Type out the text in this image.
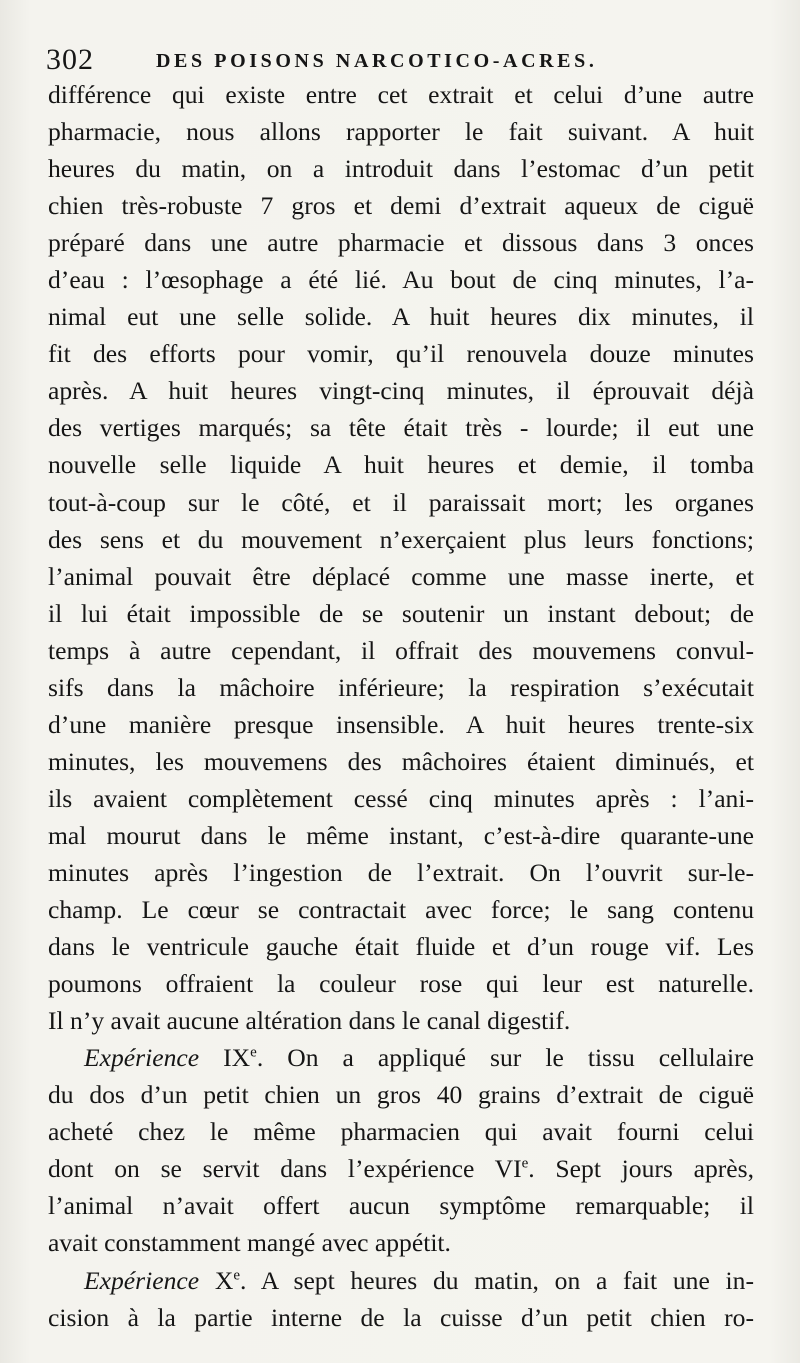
302	DES POISONS NARCOTICO-ACRES.
différence qui existe entre cet extrait et celui d’une autre
pharmacie, nous allons rapporter le fait suivant. A huit
heures du matin, on a introduit dans l’estomac d’un petit
chien très-robuste 7 gros et demi d’extrait aqueux de ciguë
préparé dans une autre pharmacie et dissous dans 3 onces
d’eau : l’œsophage a été lié. Au bout de cinq minutes, l’a-
nimal eut une selle solide. A huit heures dix minutes, il
fit des efforts pour vomir, qu’il renouvela douze minutes
après. A huit heures vingt-cinq minutes, il éprouvait déjà
des vertiges marqués; sa tête était très - lourde; il eut une
nouvelle selle liquide A huit heures et demie, il tomba
tout-à-coup sur le côté, et il paraissait mort; les organes
des sens et du mouvement n’exerçaient plus leurs fonctions;
l’animal pouvait être déplacé comme une masse inerte, et
il lui était impossible de se soutenir un instant debout; de
temps à autre cependant, il offrait des mouvemens convul-
sifs dans la mâchoire inférieure; la respiration s’exécutait
d’une manière presque insensible. A huit heures trente-six
minutes, les mouvemens des mâchoires étaient diminués, et
ils avaient complètement cessé cinq minutes après : l’ani-
mal mourut dans le même instant, c’est-à-dire quarante-une
minutes après l’ingestion de l’extrait. On l’ouvrit sur-le-
champ. Le cœur se contractait avec force; le sang contenu
dans le ventricule gauche était fluide et d’un rouge vif. Les
poumons offraient la couleur rose qui leur est naturelle.
Il n’y avait aucune altération dans le canal digestif.
Expérience IXe. On a appliqué sur le tissu cellulaire
du dos d’un petit chien un gros 40 grains d’extrait de ciguë
acheté chez le même pharmacien qui avait fourni celui
dont on se servit dans l’expérience VIe. Sept jours après,
l’animal n’avait offert aucun symptôme remarquable; il
avait constamment mangé avec appétit.
Expérience Xe. A sept heures du matin, on a fait une in-
cision à la partie interne de la cuisse d’un petit chien ro-
